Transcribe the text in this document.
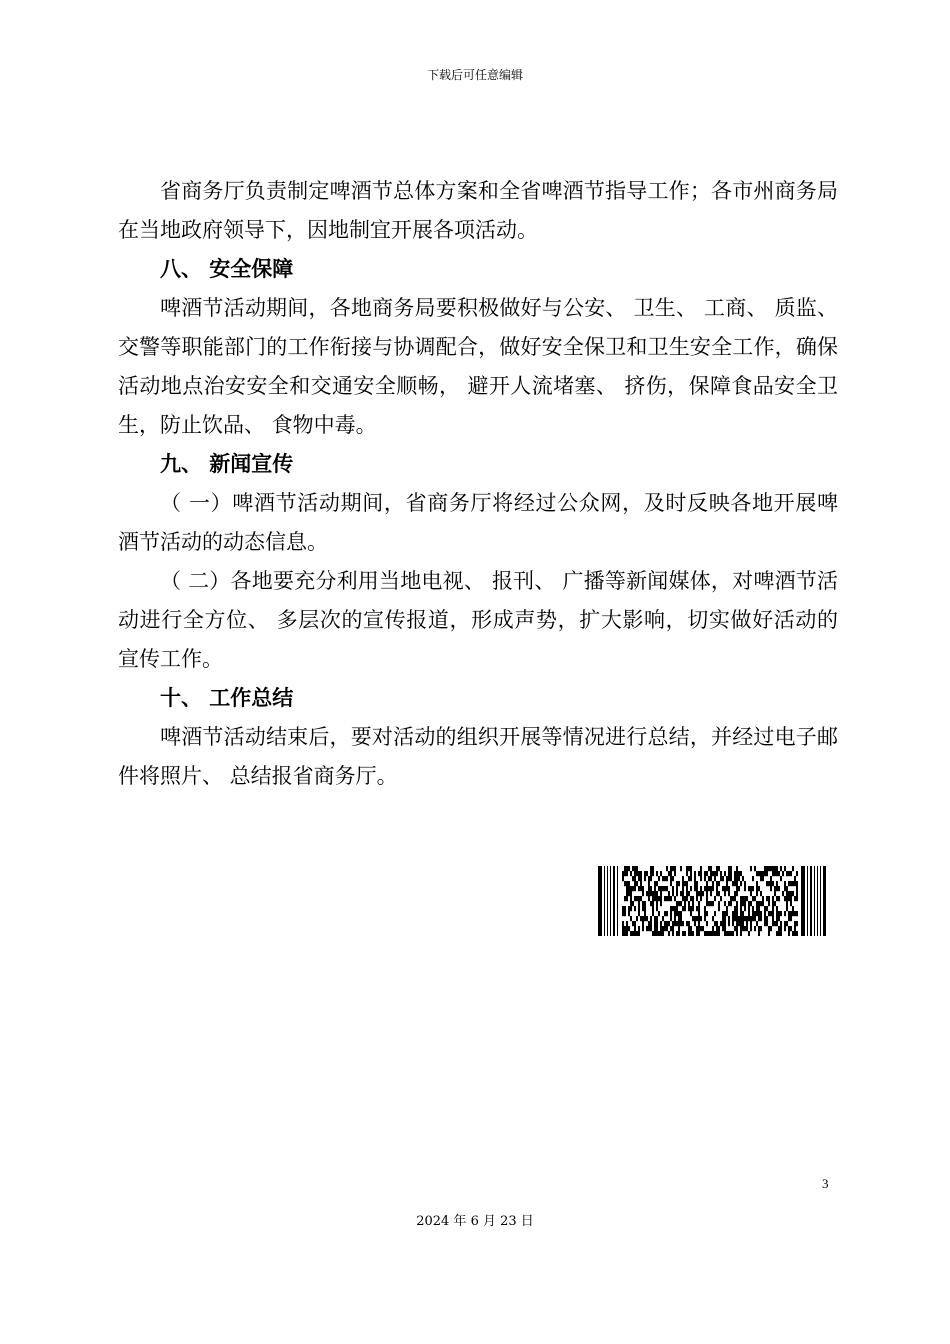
下载后可任意编辑

省商务厅负责制定啤酒节总体方案和全省啤酒节指导工作；各市州商务局在当地政府领导下，因地制宜开展各项活动。

八、 安全保障

啤酒节活动期间，各地商务局要积极做好与公安、 卫生、 工商、 质监、 交警等职能部门的工作衔接与协调配合，做好安全保卫和卫生安全工作，确保活动地点治安安全和交通安全顺畅， 避开人流堵塞、 挤伤，保障食品安全卫生，防止饮品、 食物中毒。

九、 新闻宣传

（ 一）啤酒节活动期间，省商务厅将经过公众网，及时反映各地开展啤酒节活动的动态信息。

（ 二）各地要充分利用当地电视、 报刊、 广播等新闻媒体，对啤酒节活动进行全方位、 多层次的宣传报道，形成声势，扩大影响，切实做好活动的宣传工作。

十、 工作总结

啤酒节活动结束后，要对活动的组织开展等情况进行总结，并经过电子邮件将照片、 总结报省商务厅。

3
2024 年 6 月 23 日
